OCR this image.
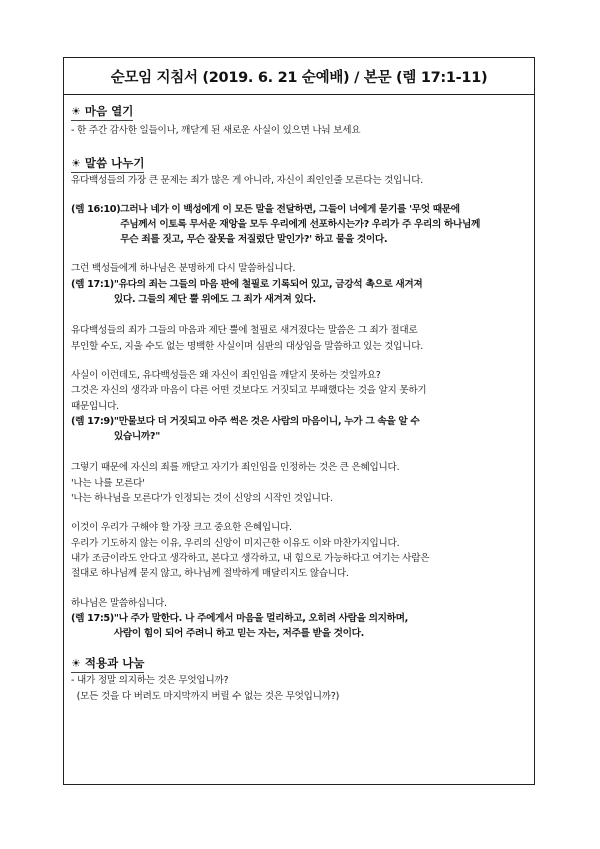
순모임 지침서 (2019. 6. 21 순예배) / 본문 (렘 17:1-11)
☀ 마음 열기
- 한 주간 감사한 일들이나, 깨닫게 된 새로운 사실이 있으면 나눠 보세요
☀ 말씀 나누기
유다백성들의 가장 큰 문제는 죄가 많은 게 아니라, 자신이 죄인인줄 모른다는 것입니다.
(렘 16:10) 그러나 네가 이 백성에게 이 모든 말을 전달하면, 그들이 너에게 묻기를 '무엇 때문에
주님께서 이토록 무서운 재앙을 모두 우리에게 선포하시는가? 우리가 주 우리의 하나님께
무슨 죄를 짓고, 무슨 잘못을 저질렀단 말인가?' 하고 물을 것이다.
그런 백성들에게 하나님은 분명하게 다시 말씀하십니다.
(렘 17:1) "유다의 죄는 그들의 마음 판에 철필로 기록되어 있고, 금강석 촉으로 새겨져
있다. 그들의 제단 뿔 위에도 그 죄가 새겨져 있다.
유다백성들의 죄가 그들의 마음과 제단 뿔에 철필로 새겨졌다는 말씀은 그 죄가 절대로
부인할 수도, 지울 수도 없는 명백한 사실이며 심판의 대상임을 말씀하고 있는 것입니다.
사실이 이런데도, 유다백성들은 왜 자신이 죄인임을 깨닫지 못하는 것일까요?
그것은 자신의 생각과 마음이 다른 어떤 것보다도 거짓되고 부패했다는 것을 알지 못하기
때문입니다.
(렘 17:9) "만물보다 더 거짓되고 아주 썩은 것은 사람의 마음이니, 누가 그 속을 알 수
있습니까?"
그렇기 때문에 자신의 죄를 깨닫고 자기가 죄인임을 인정하는 것은 큰 은혜입니다.
'나는 나를 모른다'
'나는 하나님을 모른다'가 인정되는 것이 신앙의 시작인 것입니다.
이것이 우리가 구해야 할 가장 크고 중요한 은혜입니다.
우리가 기도하지 않는 이유, 우리의 신앙이 미지근한 이유도 이와 마찬가지입니다.
내가 조금이라도 안다고 생각하고, 본다고 생각하고, 내 힘으로 가능하다고 여기는 사람은
절대로 하나님께 묻지 않고, 하나님께 절박하게 매달리지도 않습니다.
하나님은 말씀하십니다.
(렘 17:5) "나 주가 말한다. 나 주에게서 마음을 멀리하고, 오히려 사람을 의지하며,
사람이 힘이 되어 주려니 하고 믿는 자는, 저주를 받을 것이다.
☀ 적용과 나눔
- 내가 정말 의지하는 것은 무엇입니까?
(모든 것을 다 버려도 마지막까지 버릴 수 없는 것은 무엇입니까?)
